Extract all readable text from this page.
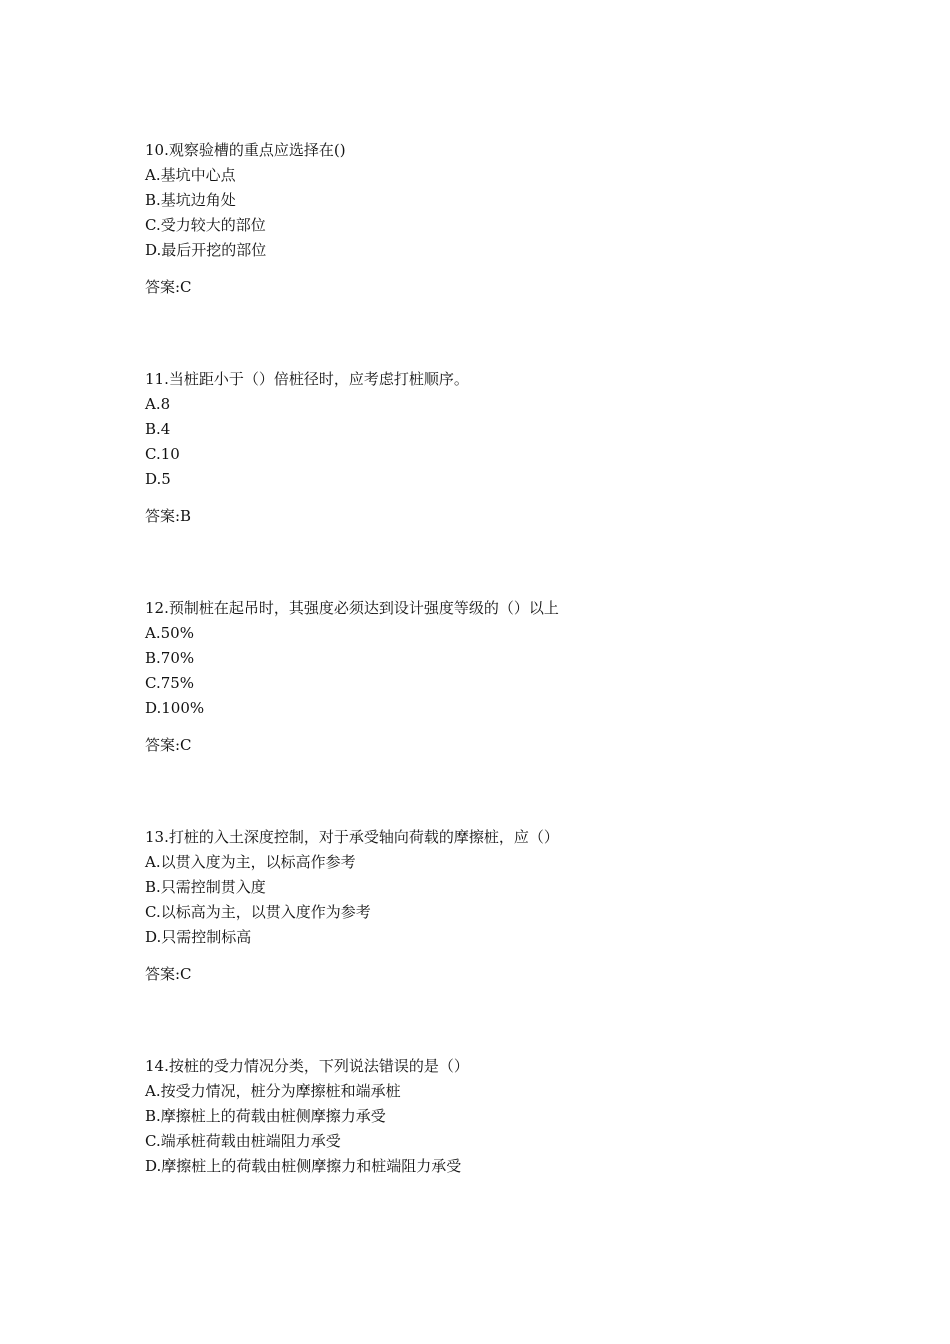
10.观察验槽的重点应选择在()
A.基坑中心点
B.基坑边角处
C.受力较大的部位
D.最后开挖的部位
答案:C
11.当桩距小于（）倍桩径时，应考虑打桩顺序。
A.8
B.4
C.10
D.5
答案:B
12.预制桩在起吊时，其强度必须达到设计强度等级的（）以上
A.50%
B.70%
C.75%
D.100%
答案:C
13.打桩的入土深度控制，对于承受轴向荷载的摩擦桩，应（）
A.以贯入度为主，以标高作参考
B.只需控制贯入度
C.以标高为主，以贯入度作为参考
D.只需控制标高
答案:C
14.按桩的受力情况分类，下列说法错误的是（）
A.按受力情况，桩分为摩擦桩和端承桩
B.摩擦桩上的荷载由桩侧摩擦力承受
C.端承桩荷载由桩端阻力承受
D.摩擦桩上的荷载由桩侧摩擦力和桩端阻力承受
